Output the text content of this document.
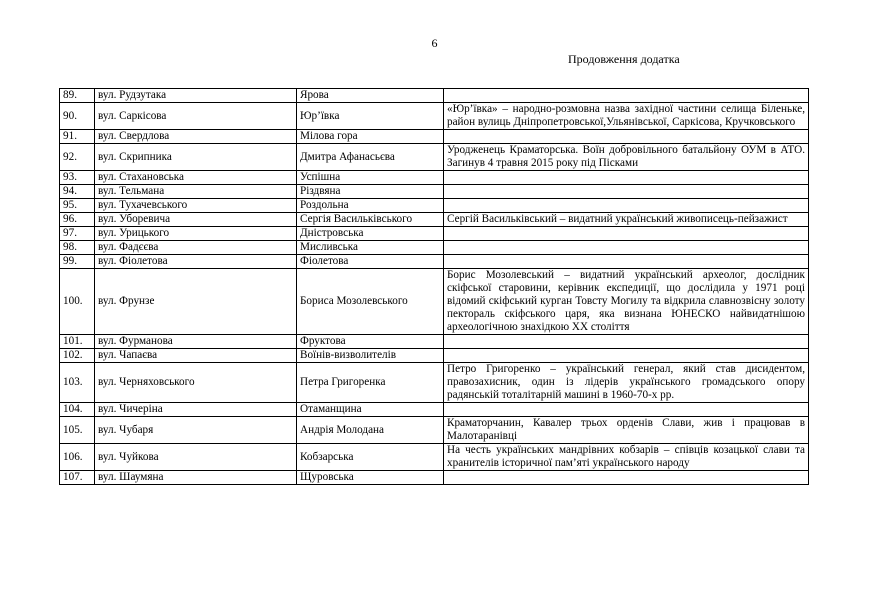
6
Продовження додатка
89.	вул. Рудзутака	Ярова	
90.	вул. Саркісова	Юр’ївка	«Юр’ївка» – народно-розмовна назва західної частини селища Біленьке, район вулиць Дніпропетровської,Ульянівської, Саркісова, Кручковського
91.	вул. Свердлова	Мілова гора	
92.	вул. Скрипника	Дмитра Афанасьєва	Уродженець Краматорська. Воїн добровільного батальйону ОУМ в АТО. Загинув 4 травня 2015 року під Пісками
93.	вул. Стахановська	Успішна	
94.	вул. Тельмана	Різдвяна	
95.	вул. Тухачевського	Роздольна	
96.	вул. Уборевича	Сергія Васильківського	Сергій Васильківський – видатний український живописець-пейзажист
97.	вул. Урицького	Дністровська	
98.	вул. Фадєєва	Мисливська	
99.	вул. Фіолетова	Фіолетова	
100.	вул. Фрунзе	Бориса Мозолевського	Борис Мозолевський – видатний український археолог, дослідник скіфської старовини, керівник експедиції, що дослідила у 1971 році відомий скіфський курган Товсту Могилу та відкрила славнозвісну золоту пектораль скіфського царя, яка визнана ЮНЕСКО найвидатнішою археологічною знахідкою ХХ століття
101.	вул. Фурманова	Фруктова	
102.	вул. Чапаєва	Воїнів-визволителів	
103.	вул. Черняховського	Петра Григоренка	Петро Григоренко – український генерал, який став дисидентом, правозахисник, один із лідерів українського громадського опору радянській тоталітарній машині в 1960-70-х рр.
104.	вул. Чичеріна	Отаманщина	
105.	вул. Чубаря	Андрія Молодана	Краматорчанин, Кавалер трьох орденів Слави, жив і працював в Малотаранівці
106.	вул. Чуйкова	Кобзарська	На честь українських мандрівних кобзарів – співців козацької слави та хранителів історичної пам’яті українського народу
107.	вул. Шаумяна	Щуровська	
